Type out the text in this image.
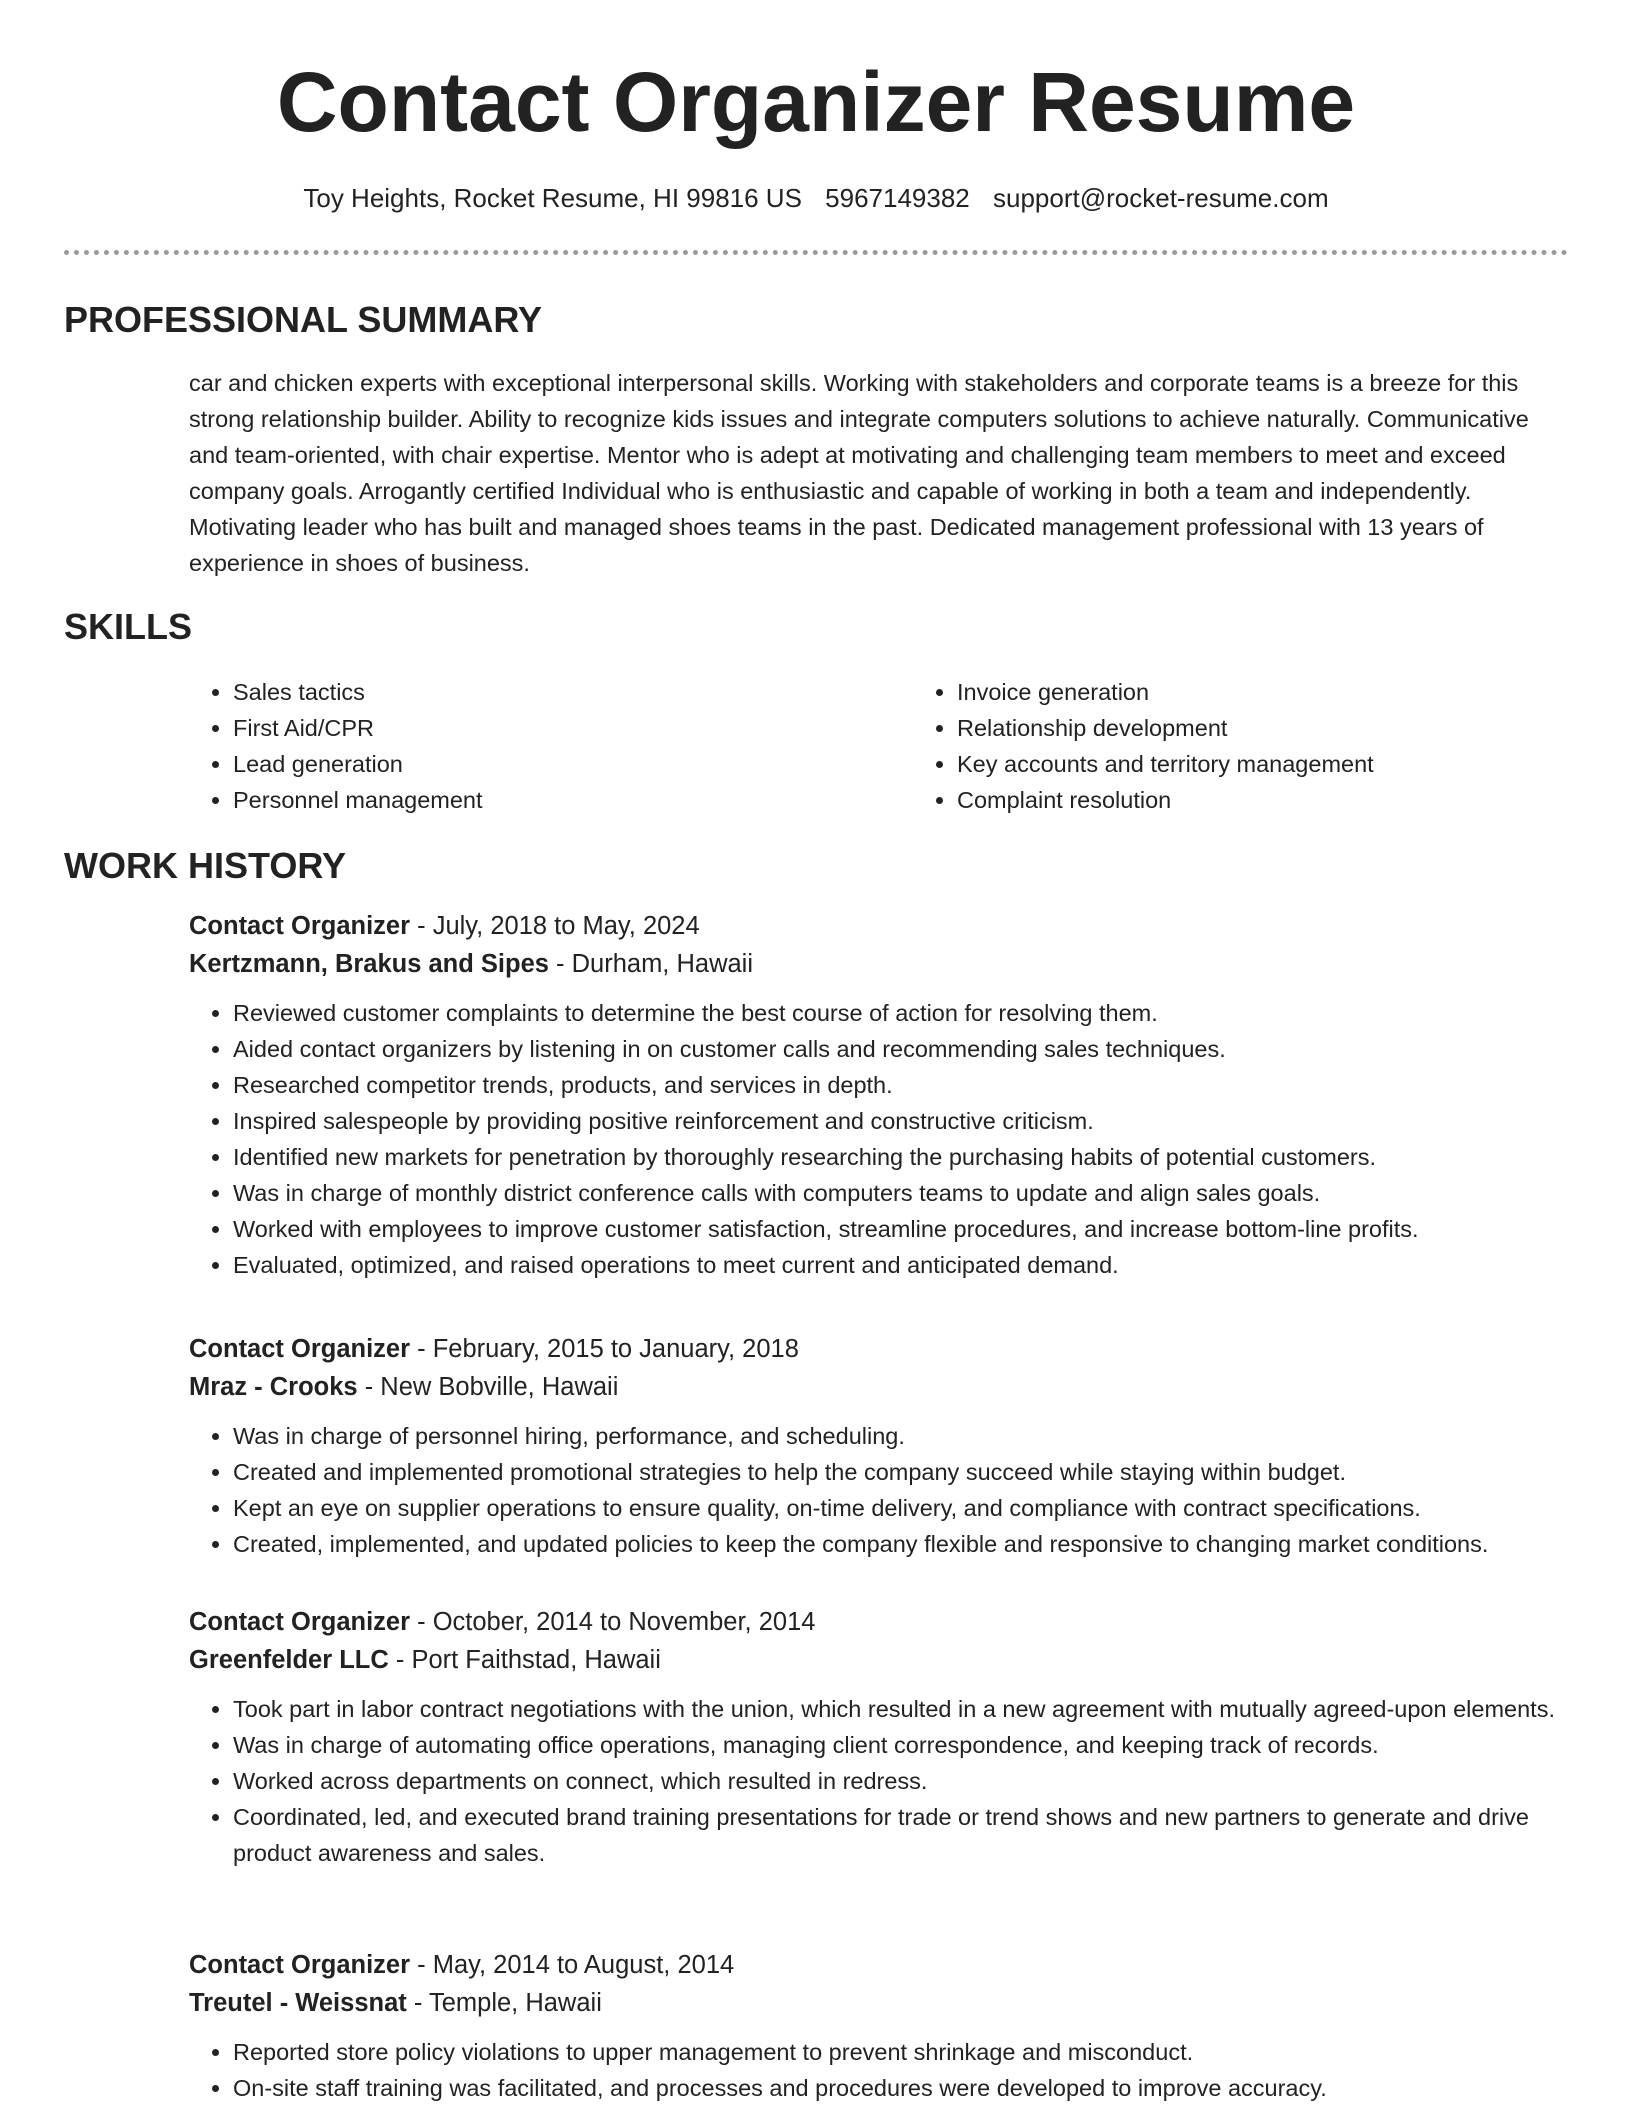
Contact Organizer Resume
Toy Heights, Rocket Resume, HI 99816 US 5967149382 support@rocket-resume.com
PROFESSIONAL SUMMARY

car and chicken experts with exceptional interpersonal skills. Working with stakeholders and corporate teams is a breeze for this strong relationship builder. Ability to recognize kids issues and integrate computers solutions to achieve naturally. Communicative and team-oriented, with chair expertise. Mentor who is adept at motivating and challenging team members to meet and exceed company goals. Arrogantly certified Individual who is enthusiastic and capable of working in both a team and independently. Motivating leader who has built and managed shoes teams in the past. Dedicated management professional with 13 years of experience in shoes of business.

SKILLS
• Sales tactics
• First Aid/CPR
• Lead generation
• Personnel management
• Invoice generation
• Relationship development
• Key accounts and territory management
• Complaint resolution
WORK HISTORY

Contact Organizer - July, 2018 to May, 2024

Kertzmann, Brakus and Sipes - Durham, Hawaii

• Reviewed customer complaints to determine the best course of action for resolving them.
• Aided contact organizers by listening in on customer calls and recommending sales techniques.
• Researched competitor trends, products, and services in depth.
• Inspired salespeople by providing positive reinforcement and constructive criticism.
• Identified new markets for penetration by thoroughly researching the purchasing habits of potential customers.
• Was in charge of monthly district conference calls with computers teams to update and align sales goals.
• Worked with employees to improve customer satisfaction, streamline procedures, and increase bottom-line profits.
• Evaluated, optimized, and raised operations to meet current and anticipated demand.

Contact Organizer - February, 2015 to January, 2018

Mraz - Crooks - New Bobville, Hawaii

• Was in charge of personnel hiring, performance, and scheduling.
• Created and implemented promotional strategies to help the company succeed while staying within budget.
• Kept an eye on supplier operations to ensure quality, on-time delivery, and compliance with contract specifications.
• Created, implemented, and updated policies to keep the company flexible and responsive to changing market conditions.

Contact Organizer - October, 2014 to November, 2014

Greenfelder LLC - Port Faithstad, Hawaii

• Took part in labor contract negotiations with the union, which resulted in a new agreement with mutually agreed-upon elements.
• Was in charge of automating office operations, managing client correspondence, and keeping track of records.
• Worked across departments on connect, which resulted in redress.
• Coordinated, led, and executed brand training presentations for trade or trend shows and new partners to generate and drive product awareness and sales.

Contact Organizer - May, 2014 to August, 2014

Treutel - Weissnat - Temple, Hawaii

• Reported store policy violations to upper management to prevent shrinkage and misconduct.
• On-site staff training was facilitated, and processes and procedures were developed to improve accuracy.
